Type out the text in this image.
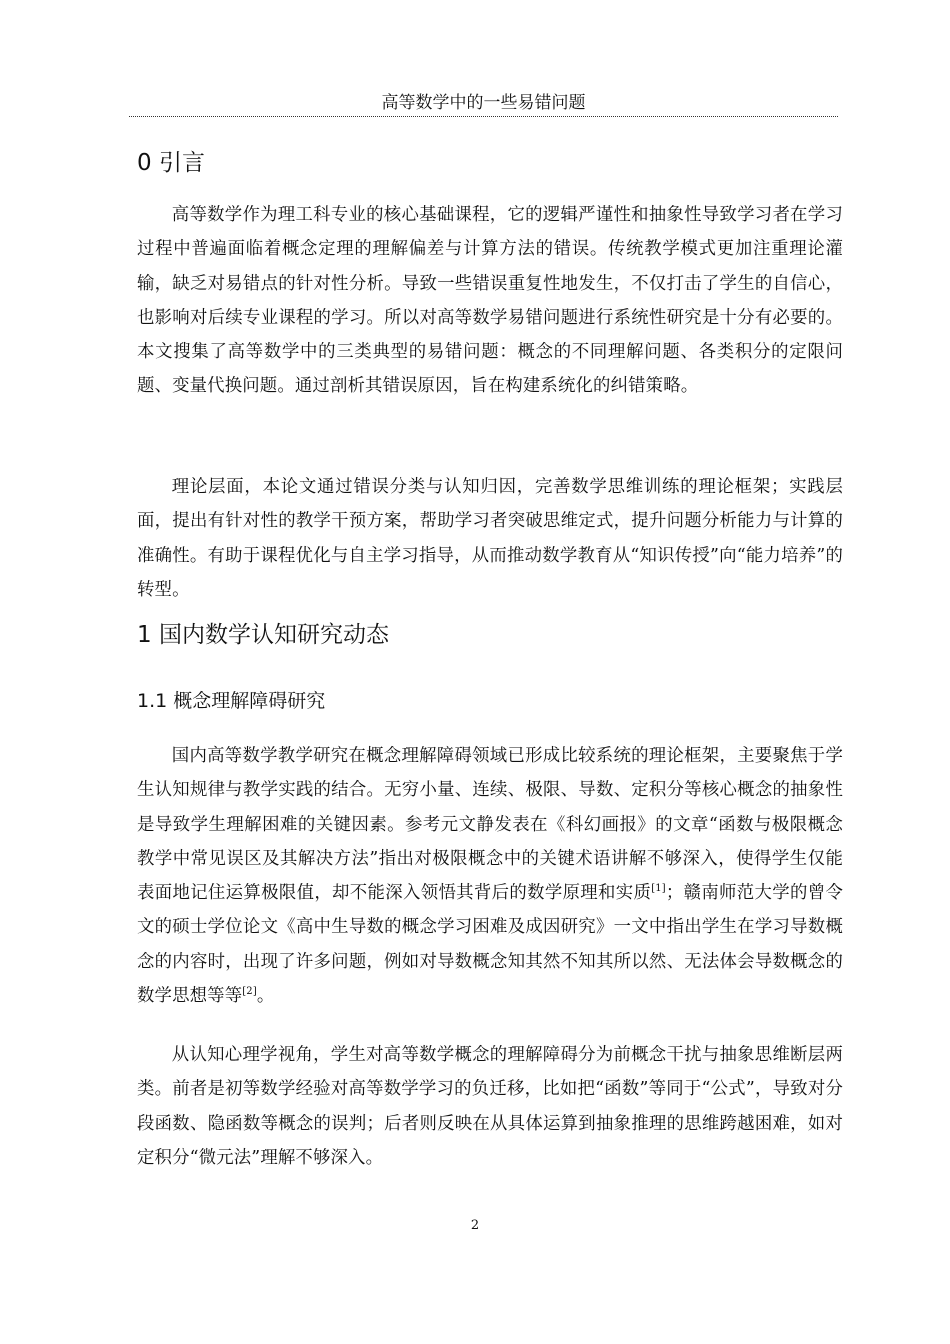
高等数学中的一些易错问题
0 引言

高等数学作为理工科专业的核心基础课程，它的逻辑严谨性和抽象性导致学习者在学习过程中普遍面临着概念定理的理解偏差与计算方法的错误。传统教学模式更加注重理论灌输，缺乏对易错点的针对性分析。导致一些错误重复性地发生，不仅打击了学生的自信心，也影响对后续专业课程的学习。所以对高等数学易错问题进行系统性研究是十分有必要的。本文搜集了高等数学中的三类典型的易错问题：概念的不同理解问题、各类积分的定限问题、变量代换问题。通过剖析其错误原因，旨在构建系统化的纠错策略。

理论层面，本论文通过错误分类与认知归因，完善数学思维训练的理论框架；实践层面，提出有针对性的教学干预方案，帮助学习者突破思维定式，提升问题分析能力与计算的准确性。有助于课程优化与自主学习指导，从而推动数学教育从“知识传授”向“能力培养”的转型。

1 国内数学认知研究动态
1.1 概念理解障碍研究

国内高等数学教学研究在概念理解障碍领域已形成比较系统的理论框架，主要聚焦于学生认知规律与教学实践的结合。无穷小量、连续、极限、导数、定积分等核心概念的抽象性是导致学生理解困难的关键因素。参考元文静发表在《科幻画报》的文章“函数与极限概念教学中常见误区及其解决方法”指出对极限概念中的关键术语讲解不够深入，使得学生仅能表面地记住运算极限值，却不能深入领悟其背后的数学原理和实质[1]；赣南师范大学的曾令文的硕士学位论文《高中生导数的概念学习困难及成因研究》一文中指出学生在学习导数概念的内容时，出现了许多问题，例如对导数概念知其然不知其所以然、无法体会导数概念的数学思想等等[2]。

从认知心理学视角，学生对高等数学概念的理解障碍分为前概念干扰与抽象思维断层两类。前者是初等数学经验对高等数学学习的负迁移，比如把“函数”等同于“公式”，导致对分段函数、隐函数等概念的误判；后者则反映在从具体运算到抽象推理的思维跨越困难，如对定积分“微元法”理解不够深入。

2
